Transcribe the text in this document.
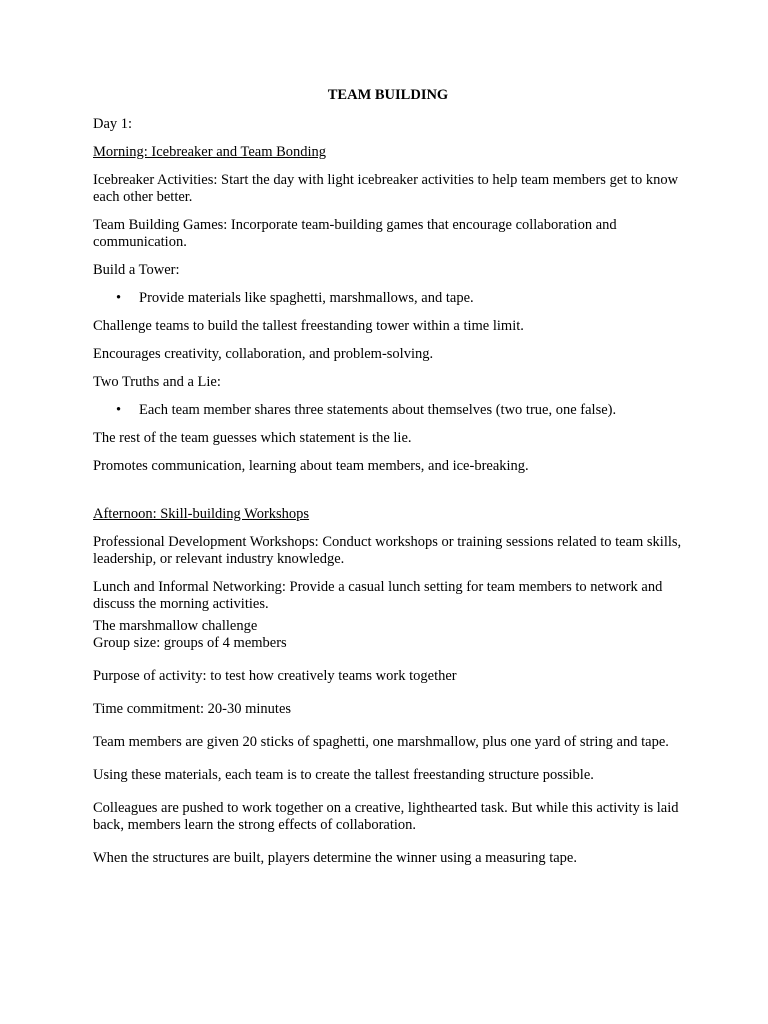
TEAM BUILDING

Day 1:

Morning: Icebreaker and Team Bonding

Icebreaker Activities: Start the day with light icebreaker activities to help team members get to know each other better.

Team Building Games: Incorporate team-building games that encourage collaboration and communication.

Build a Tower:

• Provide materials like spaghetti, marshmallows, and tape.

Challenge teams to build the tallest freestanding tower within a time limit.

Encourages creativity, collaboration, and problem-solving.

Two Truths and a Lie:

• Each team member shares three statements about themselves (two true, one false).

The rest of the team guesses which statement is the lie.

Promotes communication, learning about team members, and ice-breaking.

Afternoon: Skill-building Workshops

Professional Development Workshops: Conduct workshops or training sessions related to team skills, leadership, or relevant industry knowledge.

Lunch and Informal Networking: Provide a casual lunch setting for team members to network and discuss the morning activities.

The marshmallow challenge

Group size: groups of 4 members

Purpose of activity: to test how creatively teams work together

Time commitment: 20-30 minutes

Team members are given 20 sticks of spaghetti, one marshmallow, plus one yard of string and tape.

Using these materials, each team is to create the tallest freestanding structure possible.

Colleagues are pushed to work together on a creative, lighthearted task. But while this activity is laid back, members learn the strong effects of collaboration.

When the structures are built, players determine the winner using a measuring tape.
